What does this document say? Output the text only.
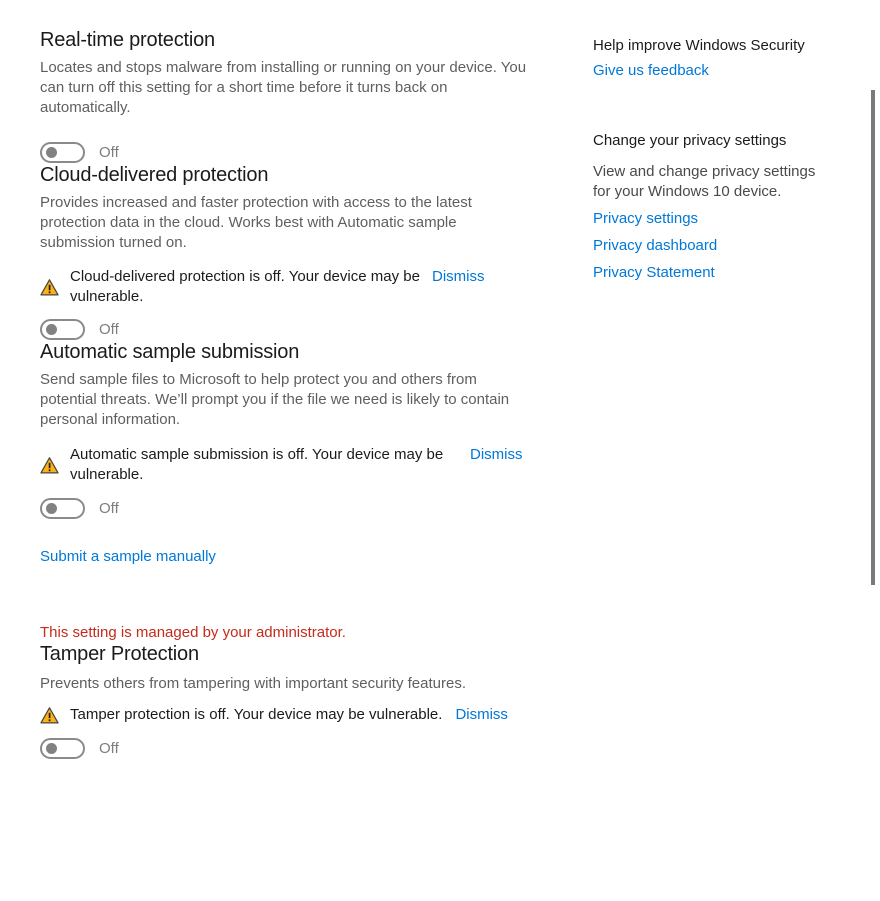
Real-time protection

Locates and stops malware from installing or running on your device. You can turn off this setting for a short time before it turns back on automatically.

Off
Cloud-delivered protection

Provides increased and faster protection with access to the latest protection data in the cloud. Works best with Automatic sample submission turned on.

Cloud-delivered protection is off. Your device may be vulnerable.
Dismiss
Off
Automatic sample submission

Send sample files to Microsoft to help protect you and others from potential threats. We’ll prompt you if the file we need is likely to contain personal information.

Automatic sample submission is off. Your device may be vulnerable.
Dismiss
Off
Submit a sample manually

This setting is managed by your administrator.

Tamper Protection

Prevents others from tampering with important security features.

Tamper protection is off. Your device may be vulnerable. Dismiss
Off
Help improve Windows Security
Give us feedback
Change your privacy settings

View and change privacy settings for your Windows 10 device.

Privacy settings
Privacy dashboard
Privacy Statement
